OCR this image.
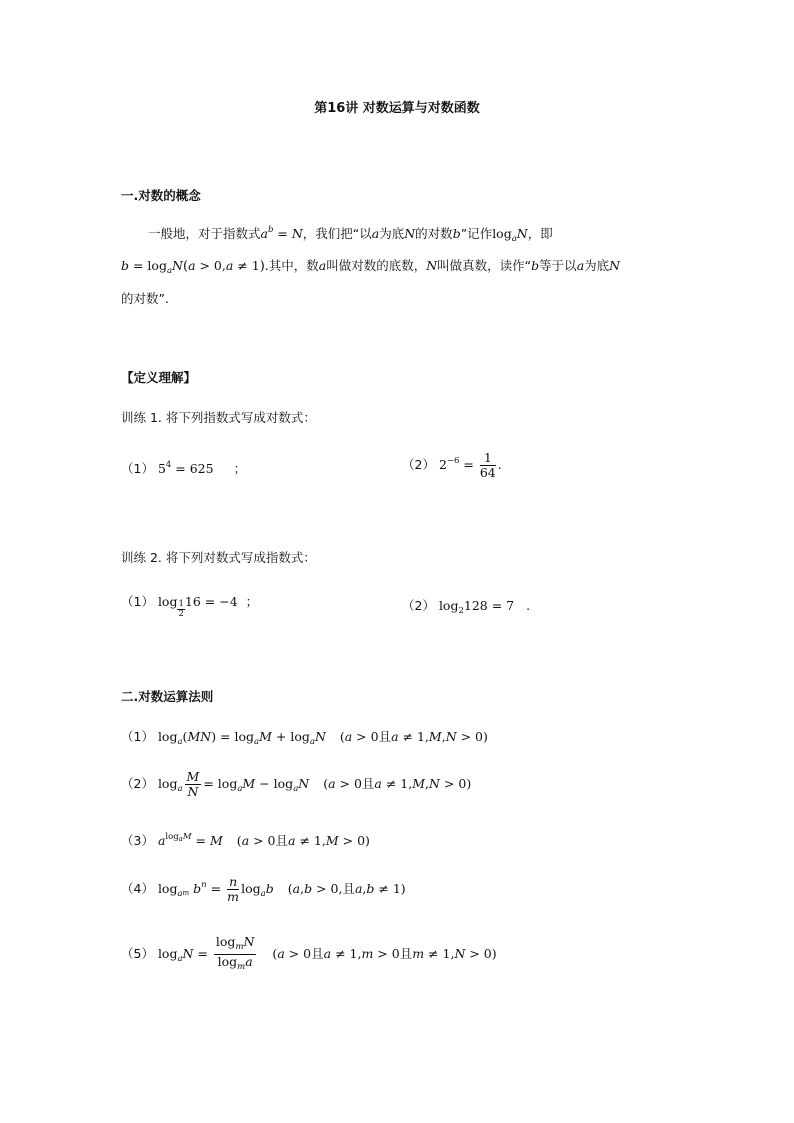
第16讲 对数运算与对数函数
一.对数的概念
一般地，对于指数式$a^b = N$，我们把“以a为底N的对数b”记作$\log_aN$，即
$b = \log_aN(a > 0,a \ne 1)$.其中，数a叫做对数的底数，N叫做真数，读作“b等于以a为底N
的对数”.
【定义理解】
训练 1. 将下列指数式写成对数式：
（1） $5^4 = 625$ ；	（2） $2^{-6} = \frac{1}{64}$ .
训练 2. 将下列对数式写成指数式：
（1） $\log \frac{1}{2} 16 = -4$ ；	（2） $\log_2128 = 7$ .
二.对数运算法则
（1） $\log_a(MN) = \log_aM + \log_aN$ (a > 0且a ≠ 1,M,N > 0)
（2） $\log_a \frac{M}{N} = \log_aM - \log_aN$ (a > 0且a ≠ 1,M,N > 0)
（3） $a^{logaM} = M$ (a > 0且a ≠ 1,M > 0)
（4） $\log_am$ $b^n = \frac{n}{m} \log_ab$ (a,b > 0,且a,b ≠ 1)
（5） $\log_aN = \frac{\log_mN}{\log_ma} (a > 0$且a ≠ 1,m > 0且m ≠ 1,N > 0)
